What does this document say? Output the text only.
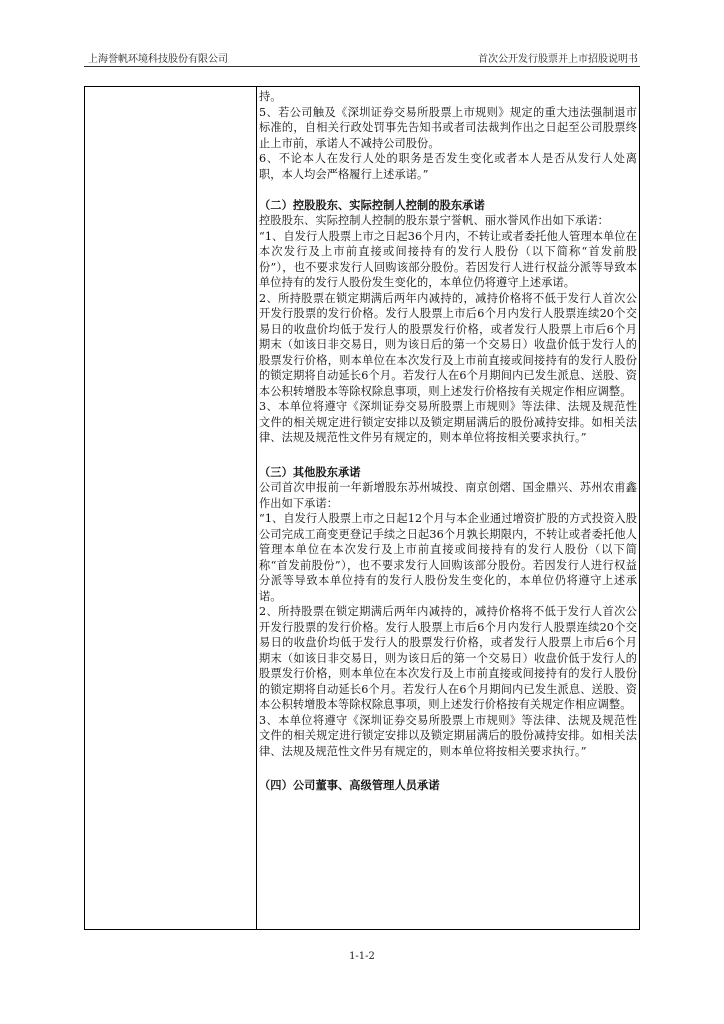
上海誉帆环境科技股份有限公司	首次公开发行股票并上市招股说明书
持。
5、若公司触及《深圳证券交易所股票上市规则》规定的重大违法强制退市标准的，自相关行政处罚事先告知书或者司法裁判作出之日起至公司股票终止上市前，承诺人不减持公司股份。
6、不论本人在发行人处的职务是否发生变化或者本人是否从发行人处离职，本人均会严格履行上述承诺。”
（二）控股股东、实际控制人控制的股东承诺
控股股东、实际控制人控制的股东景宁誉帆、丽水誉风作出如下承诺：
“1、自发行人股票上市之日起36个月内，不转让或者委托他人管理本单位在本次发行及上市前直接或间接持有的发行人股份（以下简称“首发前股份”），也不要求发行人回购该部分股份。若因发行人进行权益分派等导致本单位持有的发行人股份发生变化的，本单位仍将遵守上述承诺。
2、所持股票在锁定期满后两年内减持的，减持价格将不低于发行人首次公开发行股票的发行价格。发行人股票上市后6个月内发行人股票连续20个交易日的收盘价均低于发行人的股票发行价格，或者发行人股票上市后6个月期末（如该日非交易日，则为该日后的第一个交易日）收盘价低于发行人的股票发行价格，则本单位在本次发行及上市前直接或间接持有的发行人股份的锁定期将自动延长6个月。若发行人在6个月期间内已发生派息、送股、资本公积转增股本等除权除息事项，则上述发行价格按有关规定作相应调整。
3、本单位将遵守《深圳证券交易所股票上市规则》等法律、法规及规范性文件的相关规定进行锁定安排以及锁定期届满后的股份减持安排。如相关法律、法规及规范性文件另有规定的，则本单位将按相关要求执行。”
（三）其他股东承诺
公司首次申报前一年新增股东苏州城投、南京创熠、国金鼎兴、苏州农甫鑫作出如下承诺：
“1、自发行人股票上市之日起12个月与本企业通过增资扩股的方式投资入股公司完成工商变更登记手续之日起36个月孰长期限内，不转让或者委托他人管理本单位在本次发行及上市前直接或间接持有的发行人股份（以下简称“首发前股份”），也不要求发行人回购该部分股份。若因发行人进行权益分派等导致本单位持有的发行人股份发生变化的，本单位仍将遵守上述承诺。
2、所持股票在锁定期满后两年内减持的，减持价格将不低于发行人首次公开发行股票的发行价格。发行人股票上市后6个月内发行人股票连续20个交易日的收盘价均低于发行人的股票发行价格，或者发行人股票上市后6个月期末（如该日非交易日，则为该日后的第一个交易日）收盘价低于发行人的股票发行价格，则本单位在本次发行及上市前直接或间接持有的发行人股份的锁定期将自动延长6个月。若发行人在6个月期间内已发生派息、送股、资本公积转增股本等除权除息事项，则上述发行价格按有关规定作相应调整。
3、本单位将遵守《深圳证券交易所股票上市规则》等法律、法规及规范性文件的相关规定进行锁定安排以及锁定期届满后的股份减持安排。如相关法律、法规及规范性文件另有规定的，则本单位将按相关要求执行。”
（四）公司董事、高级管理人员承诺
1-1-2
